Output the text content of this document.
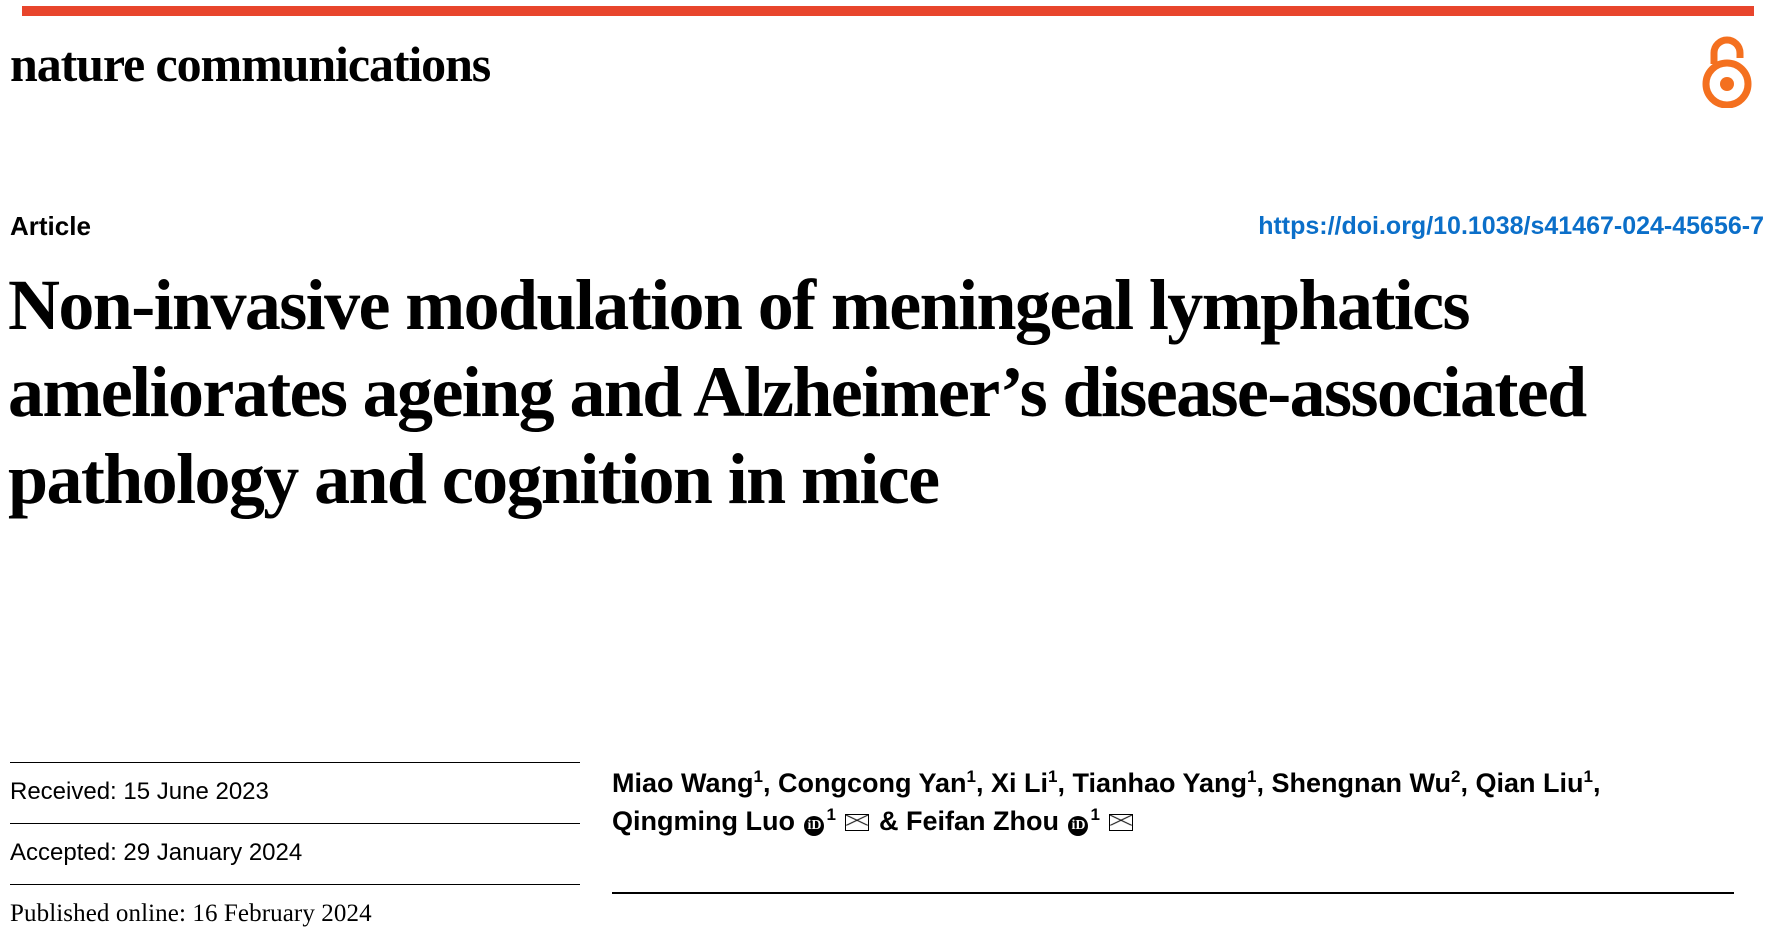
nature communications
Article	https://doi.org/10.1038/s41467-024-45656-7
Non-invasive modulation of meningeal lymphatics ameliorates ageing and Alzheimer’s disease-associated pathology and cognition in mice
Received: 15 June 2023
Accepted: 29 January 2024
Published online: 16 February 2024
Miao Wang$^1$, Congcong Yan$^1$, Xi Li$^1$, Tianhao Yang$^1$, Shengnan Wu$^2$, Qian Liu$^1$,
Qingming Luo $iD^1$  & Feifan Zhou $iD^1$
